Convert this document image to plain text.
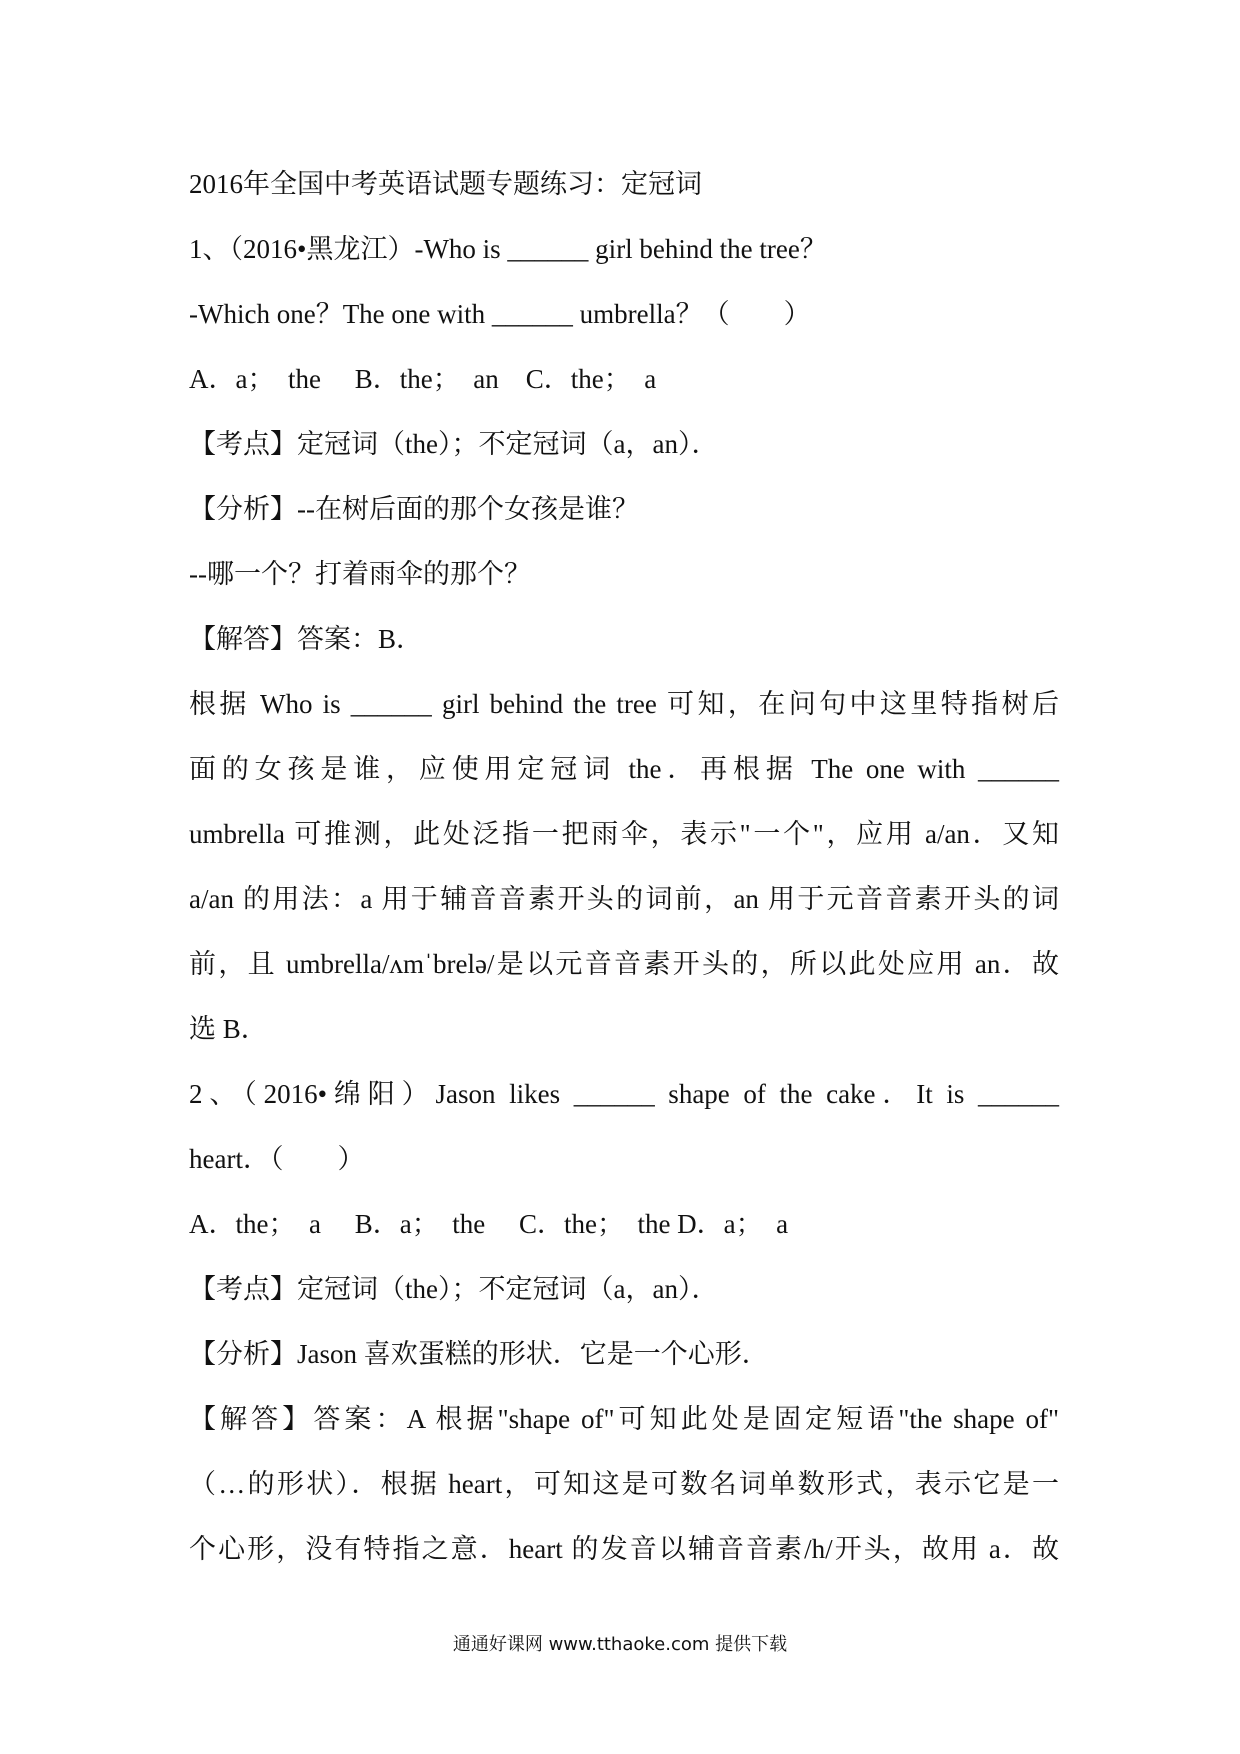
2016年全国中考英语试题专题练习：定冠词
1、（2016•黑龙江）-Who is ______ girl behind the tree？
-Which one？The one with ______ umbrella？（　　）
A．a；　the　 B．the；　an　C．the；　a
【考点】定冠词（the）；不定冠词（a，an）．
【分析】--在树后面的那个女孩是谁？
--哪一个？打着雨伞的那个？
【解答】答案：B．
根据 Who is ______ girl behind the tree 可知，在问句中这里特指树后
面的女孩是谁，应使用定冠词 the．再根据 The one with ______
umbrella 可推测，此处泛指一把雨伞，表示"一个"，应用 a/an．又知
a/an 的用法：a 用于辅音音素开头的词前，an 用于元音音素开头的词
前，且 umbrella/ʌmˈbrelə/是以元音音素开头的，所以此处应用 an．故
选 B．
2、（2016•绵阳）Jason likes ______ shape of the cake．It is ______
heart．（　　）
A．the；　a　 B．a；　the　 C．the；　the D．a；　a
【考点】定冠词（the）；不定冠词（a，an）．
【分析】Jason 喜欢蛋糕的形状．它是一个心形．
【解答】答案：A 根据"shape of"可知此处是固定短语"the shape of"
（…的形状）．根据 heart，可知这是可数名词单数形式，表示它是一
个心形，没有特指之意．heart 的发音以辅音音素/h/开头，故用 a．故
通通好课网 www.tthaoke.com 提供下载
